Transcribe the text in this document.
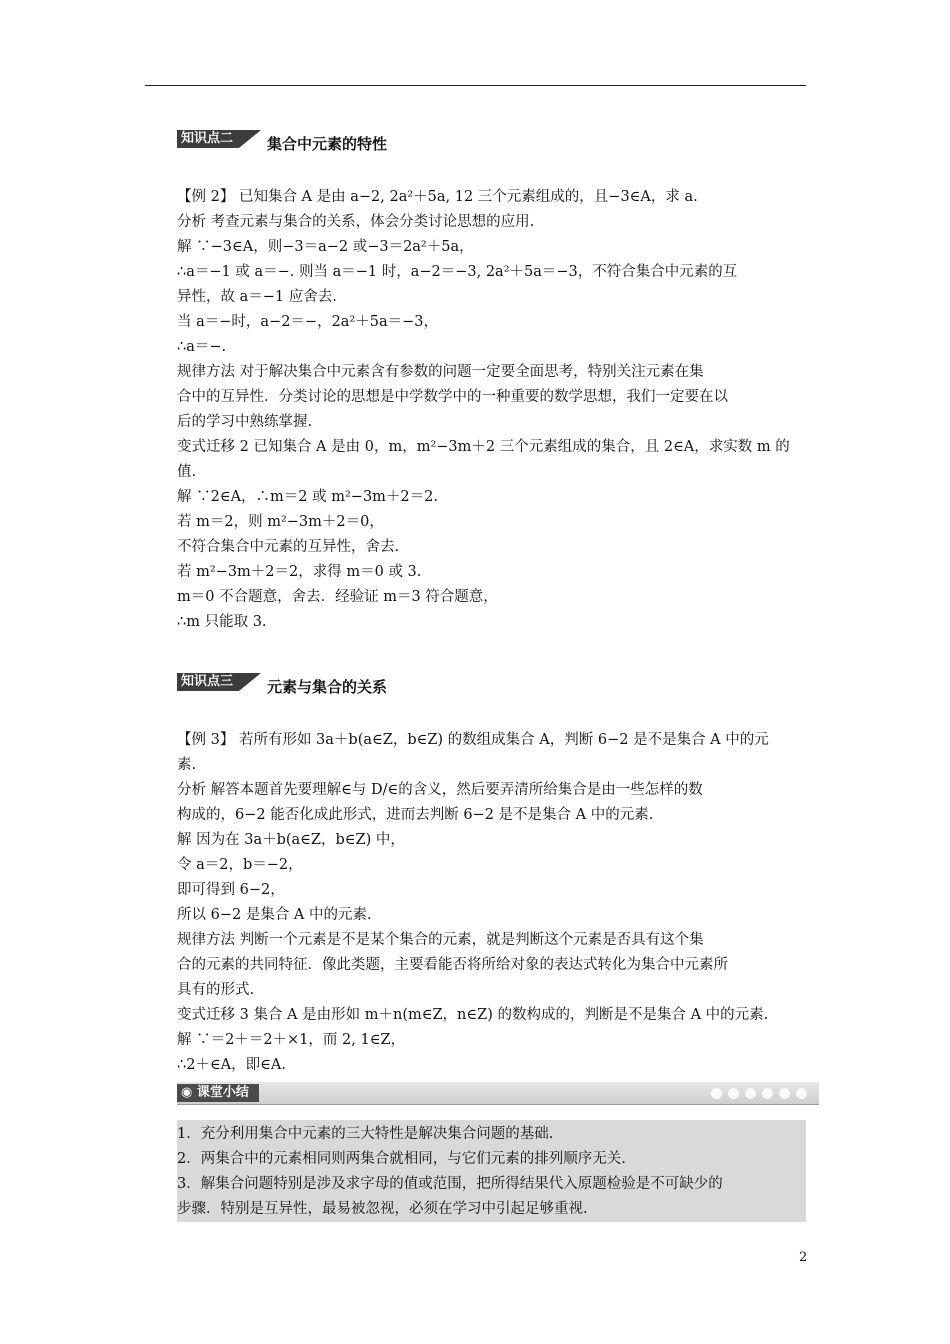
知识点二	集合中元素的特性
【例 2】 已知集合 A 是由 a−2, 2a²＋5a, 12 三个元素组成的，且−3∈A，求 a.
分析 考查元素与集合的关系，体会分类讨论思想的应用.
解 ∵−3∈A，则−3＝a−2 或−3＝2a²＋5a，
∴a＝−1 或 a＝−. 则当 a＝−1 时，a−2＝−3, 2a²＋5a＝−3，不符合集合中元素的互
异性，故 a＝−1 应舍去.
当 a＝−时，a−2＝−，2a²＋5a＝−3，
∴a＝−.
规律方法 对于解决集合中元素含有参数的问题一定要全面思考，特别关注元素在集
合中的互异性．分类讨论的思想是中学数学中的一种重要的数学思想，我们一定要在以
后的学习中熟练掌握.
变式迁移 2 已知集合 A 是由 0，m，m²−3m＋2 三个元素组成的集合，且 2∈A，求实数 m 的
值.
解 ∵2∈A，∴m＝2 或 m²−3m＋2＝2.
若 m＝2，则 m²−3m＋2＝0，
不符合集合中元素的互异性，舍去.
若 m²−3m＋2＝2，求得 m＝0 或 3.
m＝0 不合题意，舍去．经验证 m＝3 符合题意，
∴m 只能取 3.
知识点三	元素与集合的关系
【例 3】 若所有形如 3a＋b(a∈Z，b∈Z) 的数组成集合 A，判断 6−2 是不是集合 A 中的元
素.
分析 解答本题首先要理解∈与 D/∈的含义，然后要弄清所给集合是由一些怎样的数
构成的，6−2 能否化成此形式，进而去判断 6−2 是不是集合 A 中的元素.
解 因为在 3a＋b(a∈Z，b∈Z) 中，
令 a＝2，b＝−2，
即可得到 6−2，
所以 6−2 是集合 A 中的元素.
规律方法 判断一个元素是不是某个集合的元素，就是判断这个元素是否具有这个集
合的元素的共同特征．像此类题，主要看能否将所给对象的表达式转化为集合中元素所
具有的形式.
变式迁移 3 集合 A 是由形如 m＋n(m∈Z，n∈Z) 的数构成的，判断是不是集合 A 中的元素.
解 ∵＝2＋＝2＋×1，而 2, 1∈Z，
∴2＋∈A，即∈A.
◉ 课堂小结
1．充分利用集合中元素的三大特性是解决集合问题的基础.
2．两集合中的元素相同则两集合就相同，与它们元素的排列顺序无关.
3．解集合问题特别是涉及求字母的值或范围，把所得结果代入原题检验是不可缺少的
步骤．特别是互异性，最易被忽视，必须在学习中引起足够重视.
2
